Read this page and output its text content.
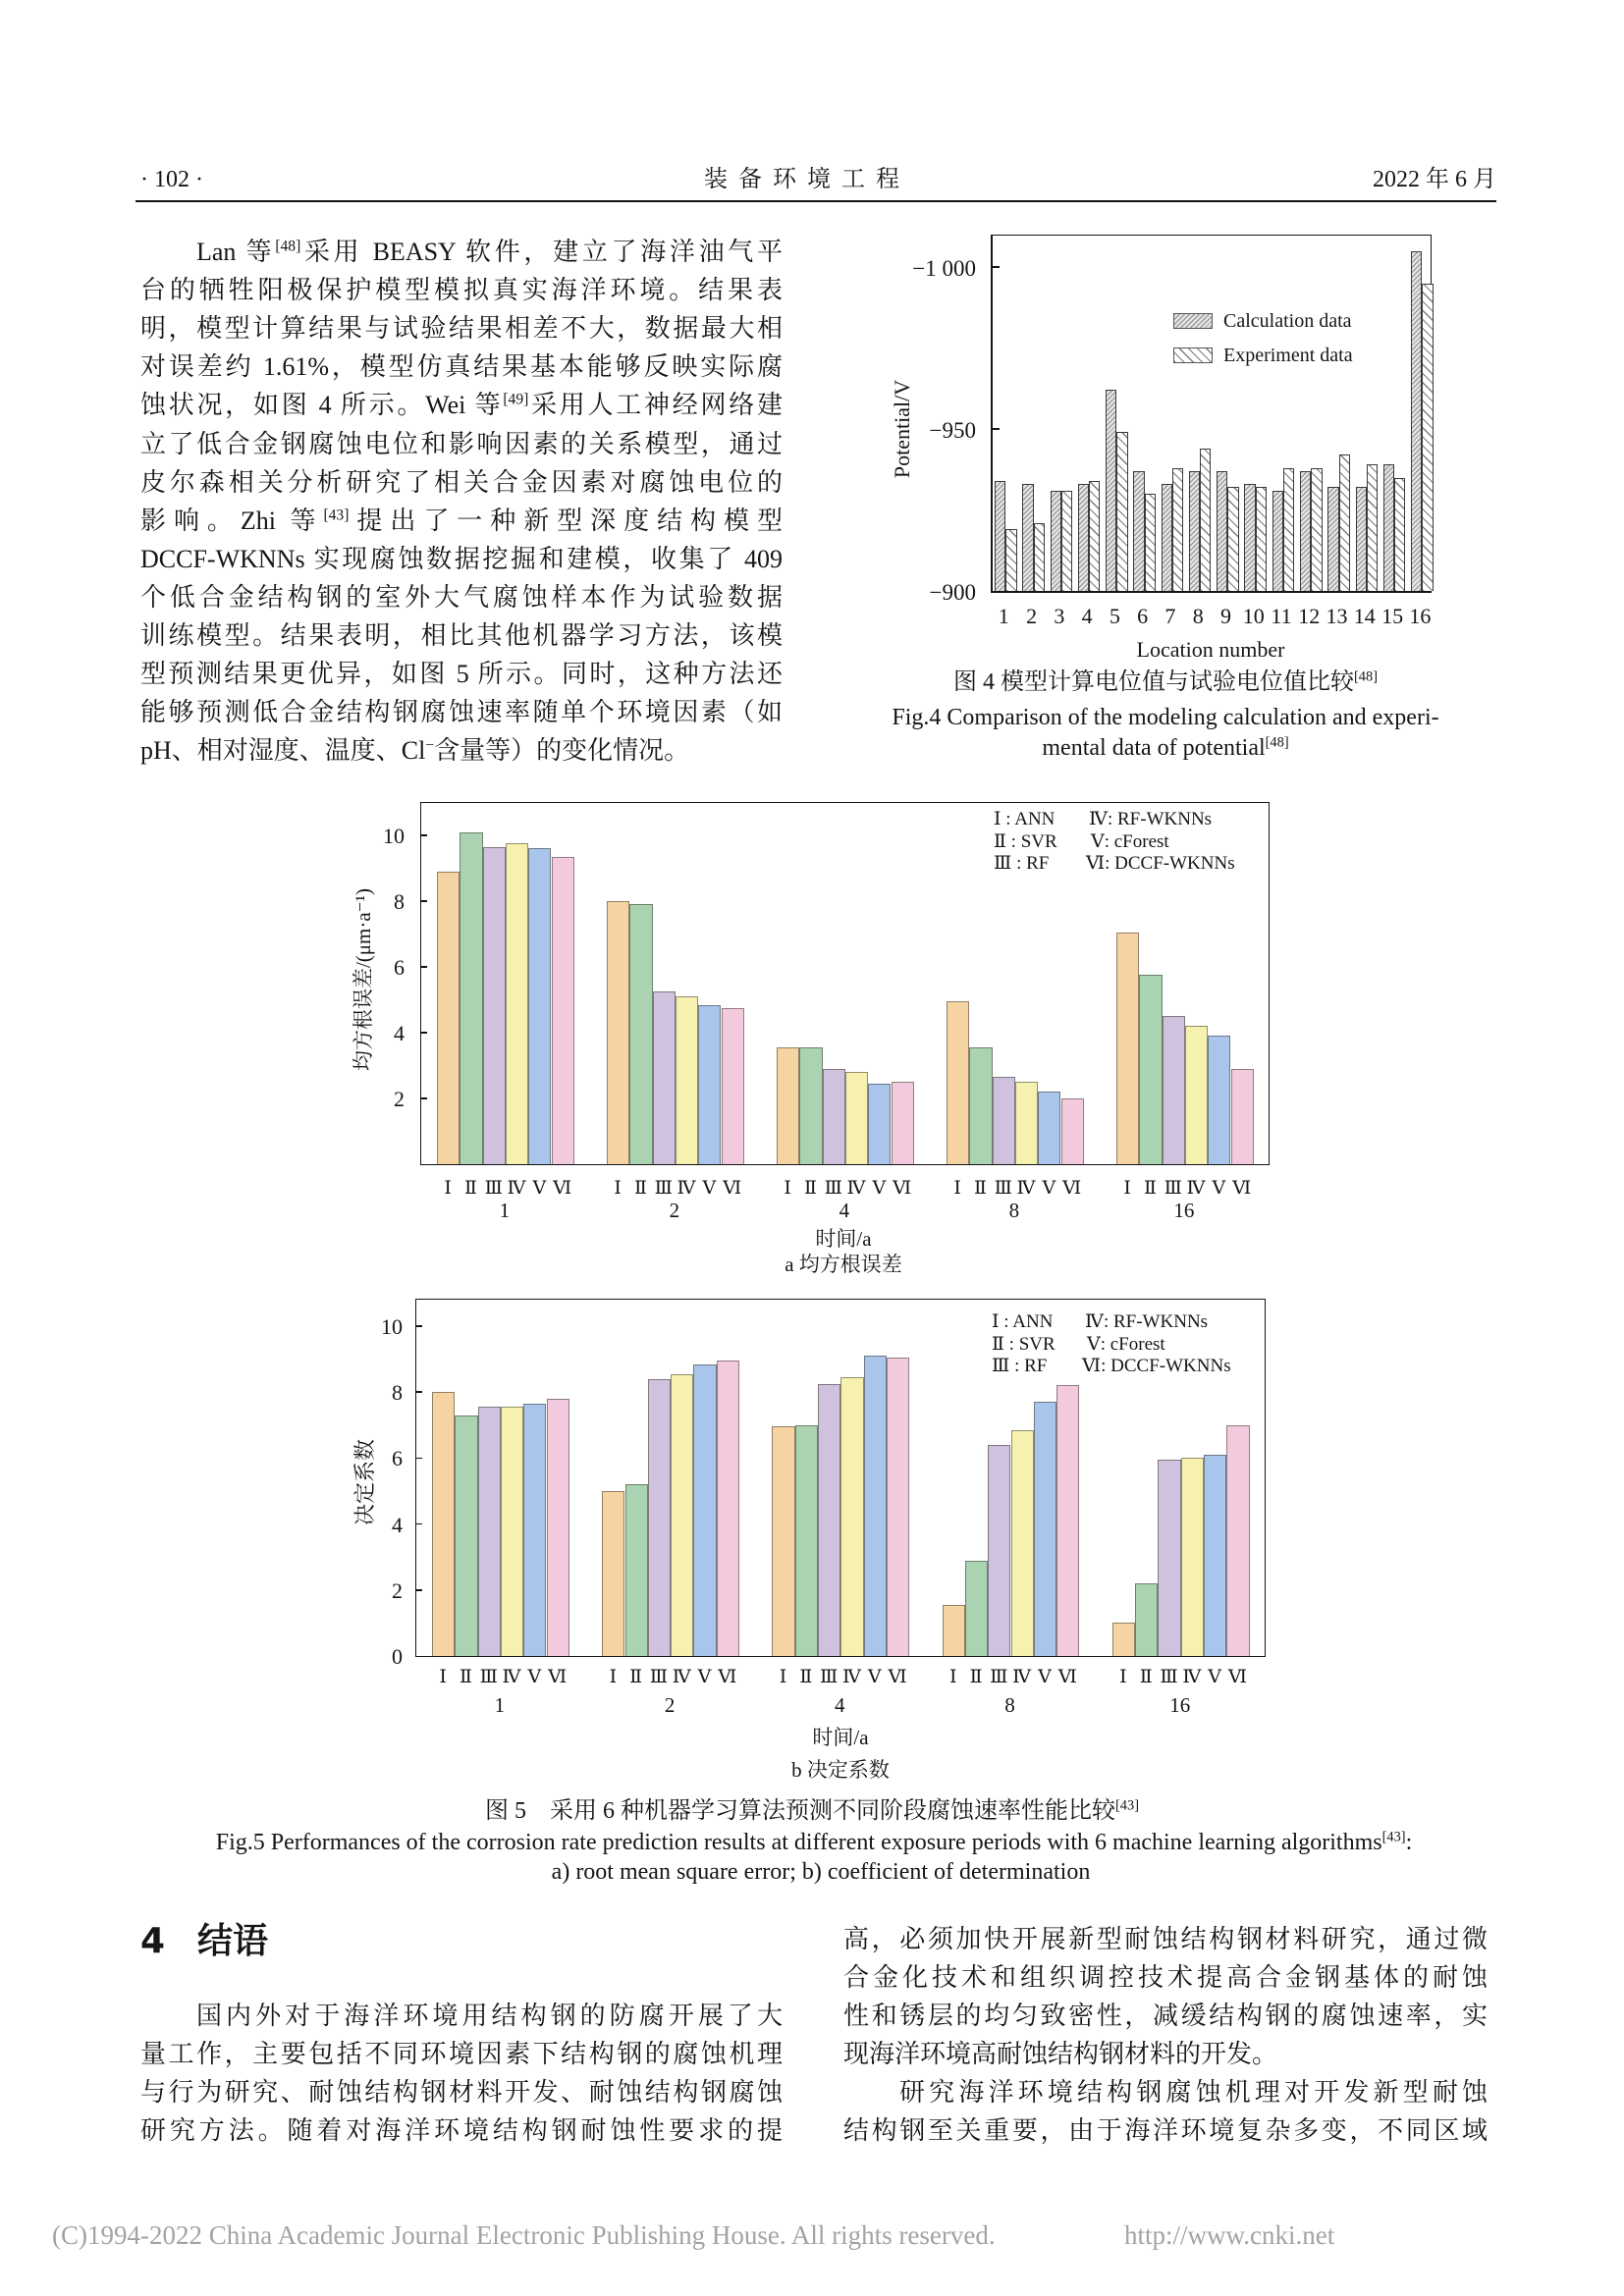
· 102 ·	装备环境工程	2022 年 6 月
Lan 等[48]采用 BEASY 软件，建立了海洋油气平
台的牺牲阳极保护模型模拟真实海洋环境。结果表
明，模型计算结果与试验结果相差不大，数据最大相
对误差约 1.61%，模型仿真结果基本能够反映实际腐
蚀状况，如图 4 所示。Wei 等[49]采用人工神经网络建
立了低合金钢腐蚀电位和影响因素的关系模型，通过
皮尔森相关分析研究了相关合金因素对腐蚀电位的
影响。Zhi 等[43]提出了一种新型深度结构模型
DCCF-WKNNs 实现腐蚀数据挖掘和建模，收集了 409
个低合金结构钢的室外大气腐蚀样本作为试验数据
训练模型。结果表明，相比其他机器学习方法，该模
型预测结果更优异，如图 5 所示。同时，这种方法还
能够预测低合金结构钢腐蚀速率随单个环境因素（如
pH、相对湿度、温度、Cl−含量等）的变化情况。
Calculation data
Experiment data
Potential/V
Location number
图 4 模型计算电位值与试验电位值比较[48]
Fig.4 Comparison of the modeling calculation and experi-
mental data of potential[48]
Ⅰ : ANN
Ⅱ : SVR
Ⅲ : RF
Ⅳ: RF-WKNNs
Ⅴ: cForest
Ⅵ: DCCF-WKNNs
均方根误差/(μm·a⁻¹)
时间/a
a 均方根误差
Ⅰ : ANN
Ⅱ : SVR
Ⅲ : RF
Ⅳ: RF-WKNNs
Ⅴ: cForest
Ⅵ: DCCF-WKNNs
决定系数
时间/a
b 决定系数
图 5　采用 6 种机器学习算法预测不同阶段腐蚀速率性能比较[43]
Fig.5 Performances of the corrosion rate prediction results at different exposure periods with 6 machine learning algorithms[43]:
a) root mean square error; b) coefficient of determination
4 结语
国内外对于海洋环境用结构钢的防腐开展了大
量工作，主要包括不同环境因素下结构钢的腐蚀机理
与行为研究、耐蚀结构钢材料开发、耐蚀结构钢腐蚀
研究方法。随着对海洋环境结构钢耐蚀性要求的提
高，必须加快开展新型耐蚀结构钢材料研究，通过微
合金化技术和组织调控技术提高合金钢基体的耐蚀
性和锈层的均匀致密性，减缓结构钢的腐蚀速率，实
现海洋环境高耐蚀结构钢材料的开发。
研究海洋环境结构钢腐蚀机理对开发新型耐蚀
结构钢至关重要，由于海洋环境复杂多变，不同区域
(C)1994-2022 China Academic Journal Electronic Publishing House. All rights reserved.	http://www.cnki.net
1 2 3 4 5 6 7 8 9 10 11 12 13 14 15 16
−1 000
−950
−900
Ⅰ Ⅱ Ⅲ Ⅳ Ⅴ Ⅵ
1
Ⅰ Ⅱ Ⅲ Ⅳ Ⅴ Ⅵ
2
Ⅰ Ⅱ Ⅲ Ⅳ Ⅴ Ⅵ
4
Ⅰ Ⅱ Ⅲ Ⅳ Ⅴ Ⅵ
8
Ⅰ Ⅱ Ⅲ Ⅳ Ⅴ Ⅵ
16
2
4
6
8
10
Ⅰ Ⅱ Ⅲ Ⅳ Ⅴ Ⅵ
1
Ⅰ Ⅱ Ⅲ Ⅳ Ⅴ Ⅵ
2
Ⅰ Ⅱ Ⅲ Ⅳ Ⅴ Ⅵ
4
Ⅰ Ⅱ Ⅲ Ⅳ Ⅴ Ⅵ
8
Ⅰ Ⅱ Ⅲ Ⅳ Ⅴ Ⅵ
16
0
2
4
6
8
10
